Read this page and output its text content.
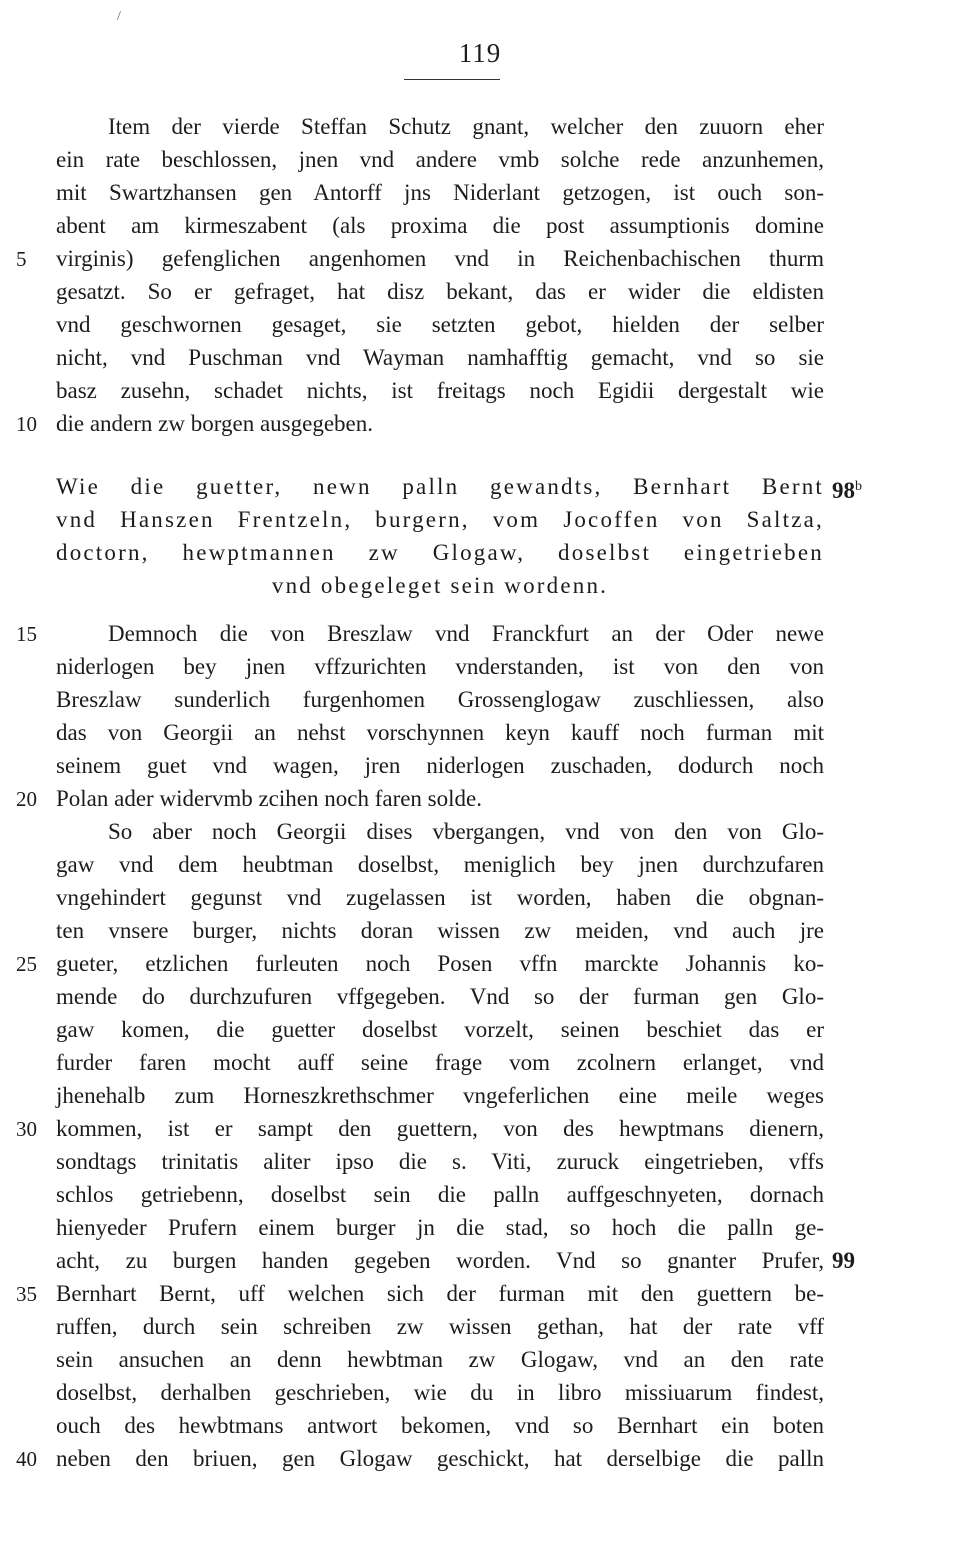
/
119
Item der vierde Steffan Schutz gnant, welcher den zuuorn eher
ein rate beschlossen, jnen vnd andere vmb solche rede anzunhemen,
mit Swartzhansen gen Antorff jns Niderlant getzogen, ist ouch son-
abent am kirmeszabent (als proxima die post assumptionis domine
virginis) gefenglichen angenhomen vnd in Reichenbachischen thurm
gesatzt. So er gefraget, hat disz bekant, das er wider die eldisten
vnd geschwornen gesaget, sie setzten gebot, hielden der selber
nicht, vnd Puschman vnd Wayman namhafftig gemacht, vnd so sie
basz zusehn, schadet nichts, ist freitags noch Egidii dergestalt wie
die andern zw borgen ausgegeben.
Wie die guetter, newn palln gewandts, Bernhart Bernt
vnd Hanszen Frentzeln, burgern, vom Jocoffen von Saltza,
doctorn, hewptmannen zw Glogaw, doselbst eingetrieben
vnd obegeleget sein wordenn.
Demnoch die von Breszlaw vnd Franckfurt an der Oder newe
niderlogen bey jnen vffzurichten vnderstanden, ist von den von
Breszlaw sunderlich furgenhomen Grossenglogaw zuschliessen, also
das von Georgii an nehst vorschynnen keyn kauff noch furman mit
seinem guet vnd wagen, jren niderlogen zuschaden, dodurch noch
Polan ader widervmb zcihen noch faren solde.
So aber noch Georgii dises vbergangen, vnd von den von Glo-
gaw vnd dem heubtman doselbst, meniglich bey jnen durchzufaren
vngehindert gegunst vnd zugelassen ist worden, haben die obgnan-
ten vnsere burger, nichts doran wissen zw meiden, vnd auch jre
gueter, etzlichen furleuten noch Posen vffn marckte Johannis ko-
mende do durchzufuren vffgegeben. Vnd so der furman gen Glo-
gaw komen, die guetter doselbst vorzelt, seinen beschiet das er
furder faren mocht auff seine frage vom zcolnern erlanget, vnd
jhenehalb zum Horneszkrethschmer vngeferlichen eine meile weges
kommen, ist er sampt den guettern, von des hewptmans dienern,
sondtags trinitatis aliter ipso die s. Viti, zuruck eingetrieben, vffs
schlos getriebenn, doselbst sein die palln auffgeschnyeten, dornach
hienyeder Prufern einem burger jn die stad, so hoch die palln ge-
acht, zu burgen handen gegeben worden. Vnd so gnanter Prufer,
Bernhart Bernt, uff welchen sich der furman mit den guettern be-
ruffen, durch sein schreiben zw wissen gethan, hat der rate vff
sein ansuchen an denn hewbtman zw Glogaw, vnd an den rate
doselbst, derhalben geschrieben, wie du in libro missiuarum findest,
ouch des hewbtmans antwort bekomen, vnd so Bernhart ein boten
neben den briuen, gen Glogaw geschickt, hat derselbige die palln
5
10
15
20
25
30
35
40
98$^b$
99
